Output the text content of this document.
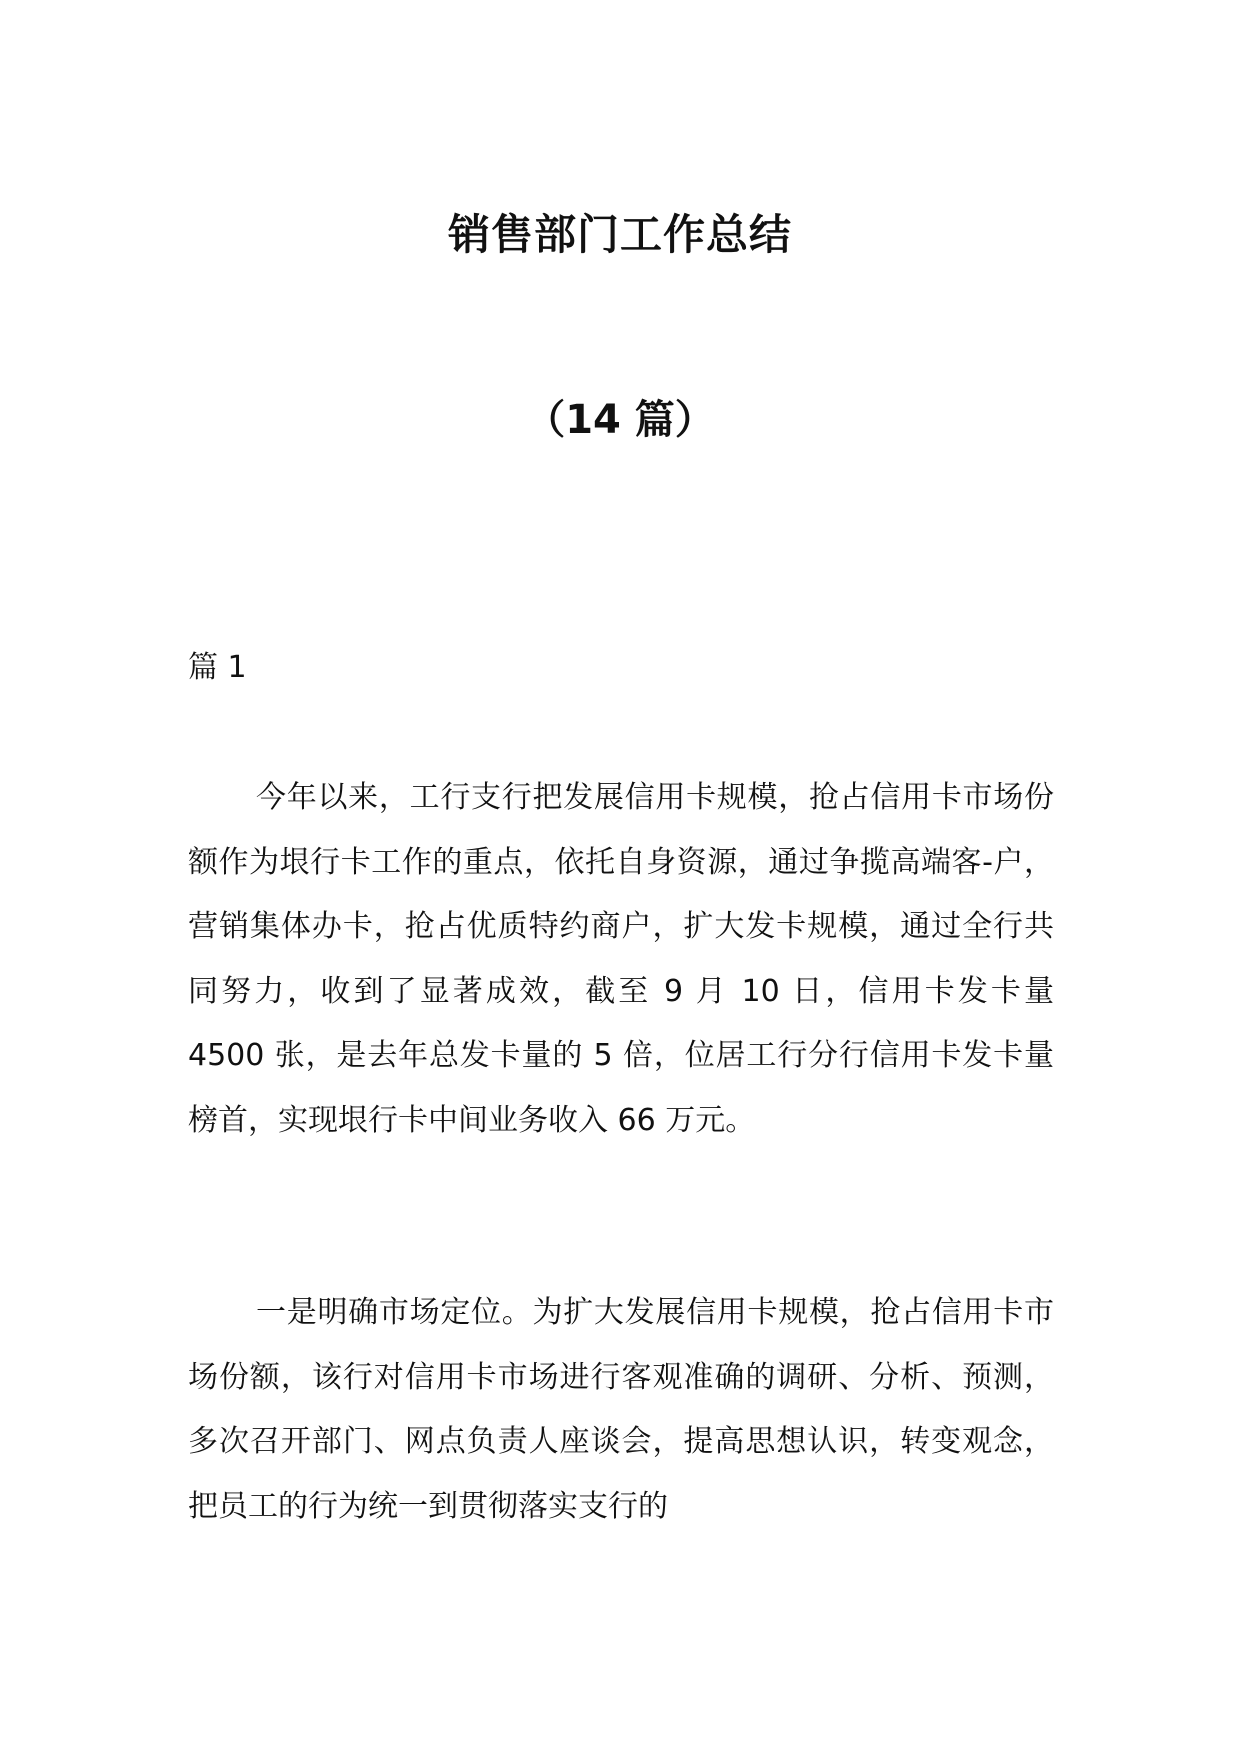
销售部门工作总结
（14 篇）
篇 1

今年以来，工行支行把发展信用卡规模，抢占信用卡市场份额作为垠行卡工作的重点，依托自身资源，通过争揽高端客-户，营销集体办卡，抢占优质特约商户，扩大发卡规模，通过全行共同努力，收到了显著成效，截至 9 月 10 日，信用卡发卡量 4500 张，是去年总发卡量的 5 倍，位居工行分行信用卡发卡量榜首，实现垠行卡中间业务收入 66 万元。

一是明确市场定位。为扩大发展信用卡规模，抢占信用卡市场份额，该行对信用卡市场进行客观准确的调研、分析、预测，多次召开部门、网点负责人座谈会，提高思想认识，转变观念，把员工的行为统一到贯彻落实支行的
